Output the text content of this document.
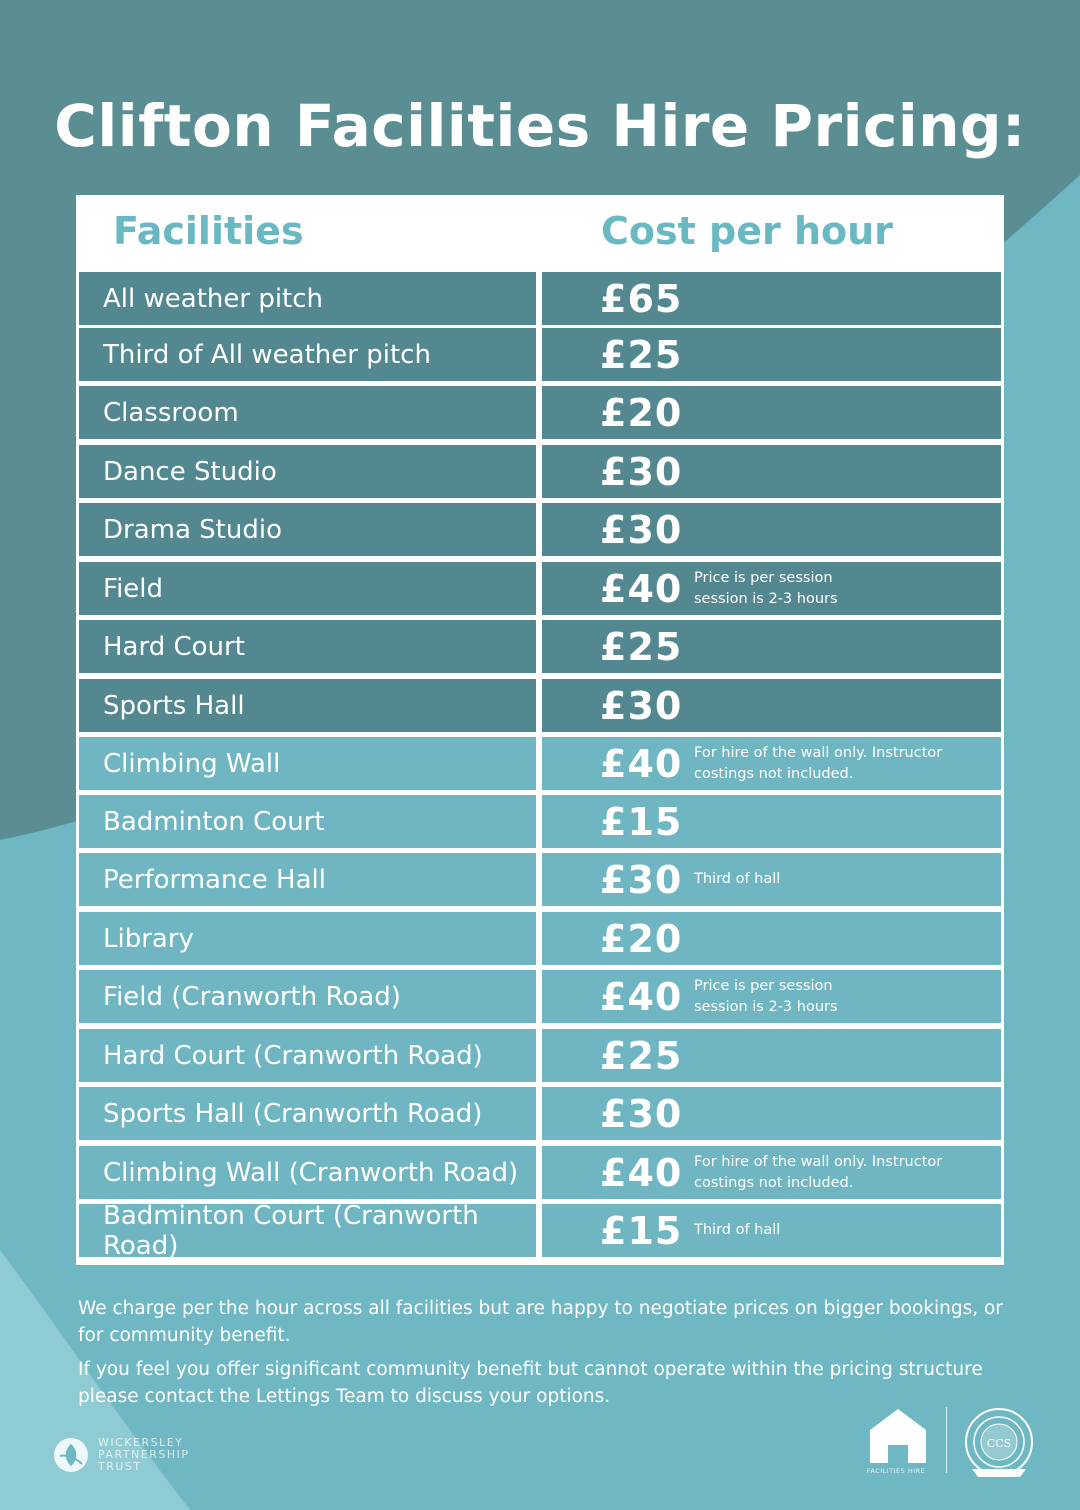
Clifton Facilities Hire Pricing:
Facilities	Cost per hour
All weather pitch	£65
Third of All weather pitch	£25
Classroom	£20
Dance Studio	£30
Drama Studio	£30
Field	£40 Price is per session
session is 2-3 hours
Hard Court	£25
Sports Hall	£30
Climbing Wall	£40 For hire of the wall only. Instructor
costings not included.
Badminton Court	£15
Performance Hall	£30 Third of hall
Library	£20
Field (Cranworth Road)	£40 Price is per session
session is 2-3 hours
Hard Court (Cranworth Road)	£25
Sports Hall (Cranworth Road)	£30
Climbing Wall (Cranworth Road)	£40 For hire of the wall only. Instructor
costings not included.
Badminton Court (Cranworth Road)	£15 Third of hall
We charge per the hour across all facilities but are happy to negotiate prices on bigger bookings, or for community benefit.
If you feel you offer significant community benefit but cannot operate within the pricing structure please contact the Lettings Team to discuss your options.
WICKERSLEY
PARTNERSHIP
TRUST	FACILITIES HIRE
CCS
